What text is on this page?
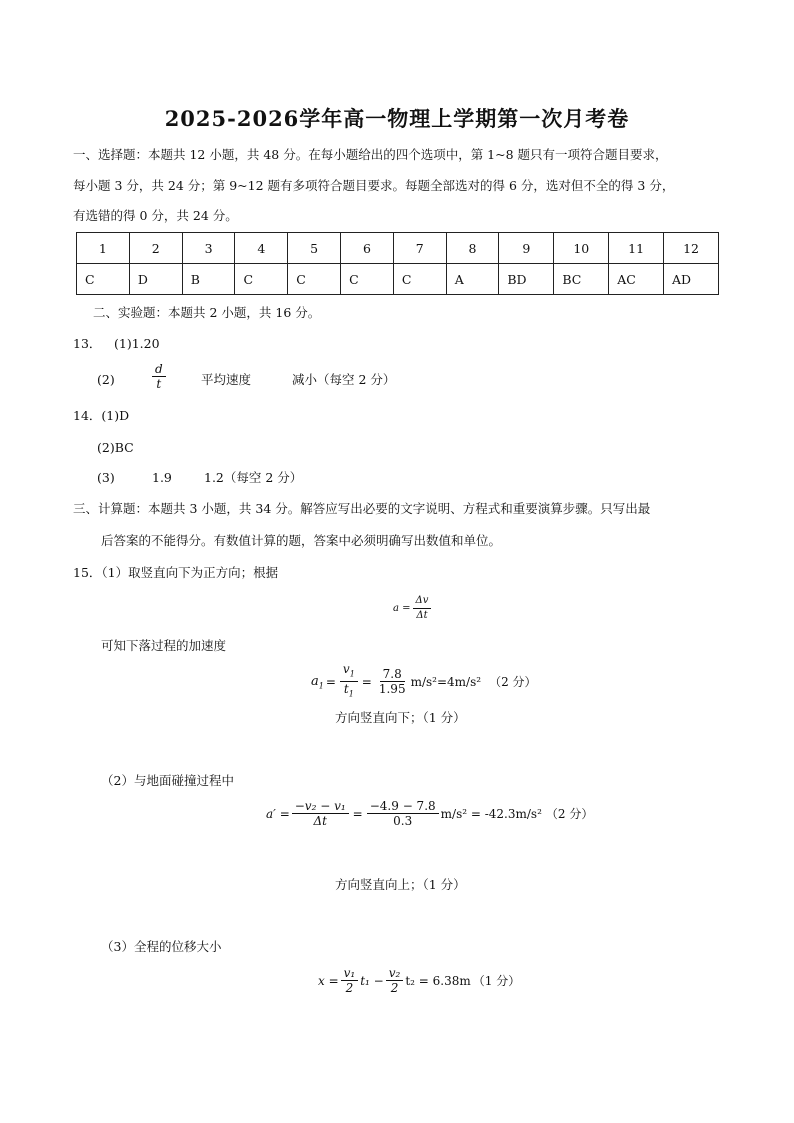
2025-2026学年高一物理上学期第一次月考卷
一、选择题：本题共 12 小题，共 48 分。在每小题给出的四个选项中，第 1~8 题只有一项符合题目要求，
每小题 3 分，共 24 分；第 9~12 题有多项符合题目要求。每题全部选对的得 6 分，选对但不全的得 3 分，
有选错的得 0 分，共 24 分。
1	2	3	4	5	6	7	8	9	10	11	12
C	D	B	C	C	C	C	A	BD	BC	AC	AD
二、实验题：本题共 2 小题，共 16 分。
13． (1)1.20
(2)	$\frac{d}{t}$	平均速度	减小（每空 2 分）
14．(1)D
(2)BC
(3)	1.9	1.2（每空 2 分）
三、计算题：本题共 3 小题，共 34 分。解答应写出必要的文字说明、方程式和重要演算步骤。只写出最
后答案的不能得分。有数值计算的题，答案中必须明确写出数值和单位。
15．（1）取竖直向下为正方向；根据
$a = \frac{\Delta v}{\Delta t}$
可知下落过程的加速度
$a_1 = \frac{v_1}{t_1} = \frac{7.8}{1.95} m/s^2=4m/s^2$ （2 分）
方向竖直向下；（1 分）
（2）与地面碰撞过程中
$a' = \frac{\text{−v₂ − v₁}}{\Delta t} = \frac{-4.9 - 7.8}{0.3} m/s^2 = -42.3m/s^2$ （2 分）
方向竖直向上；（1 分）
（3）全程的位移大小
$x = \frac{\text{v₁}}{2} t_1 - \frac{\text{v₂}}{2} t_2 = 6.38m$ （1 分）
